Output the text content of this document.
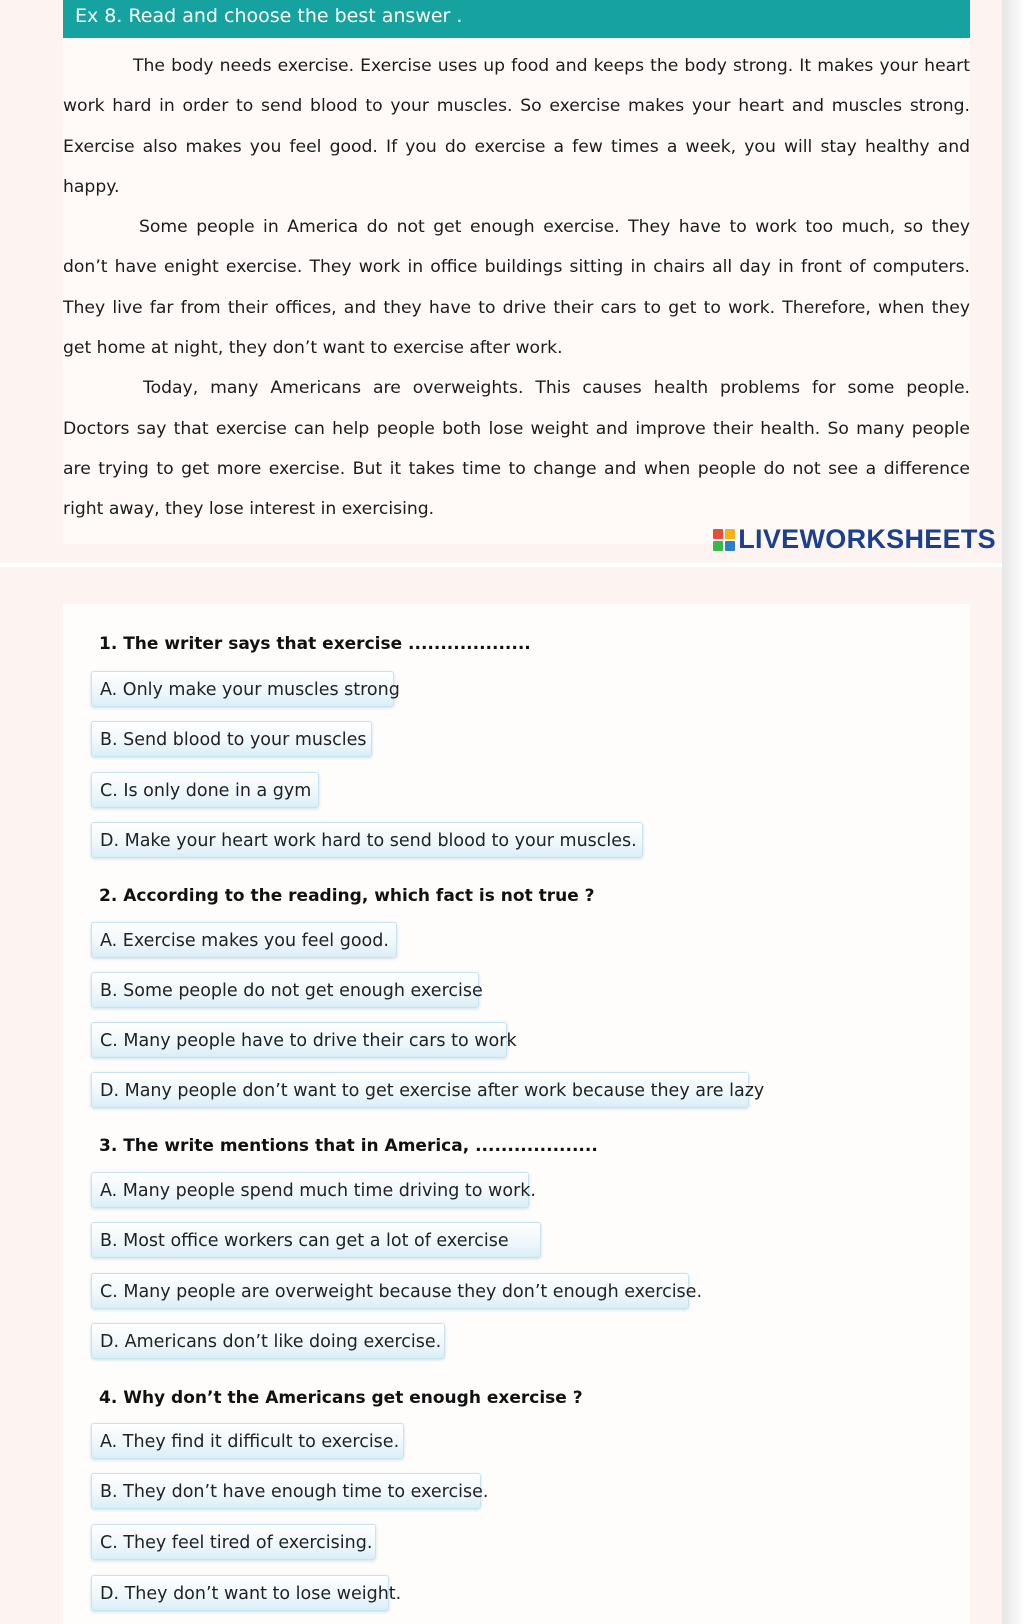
Ex 8. Read and choose the best answer .

The body needs exercise. Exercise uses up food and keeps the body strong. It makes your heart work hard in order to send blood to your muscles. So exercise makes your heart and muscles strong. Exercise also makes you feel good. If you do exercise a few times a week, you will stay healthy and happy.

Some people in America do not get enough exercise. They have to work too much, so they don’t have enight exercise. They work in office buildings sitting in chairs all day in front of computers. They live far from their offices, and they have to drive their cars to get to work. Therefore, when they get home at night, they don’t want to exercise after work.

Today, many Americans are overweights. This causes health problems for some people. Doctors say that exercise can help people both lose weight and improve their health. So many people are trying to get more exercise. But it takes time to change and when people do not see a difference right away, they lose interest in exercising.

LIVEWORKSHEETS
1. The writer says that exercise ...................
A. Only make your muscles strong
B. Send blood to your muscles
C. Is only done in a gym
D. Make your heart work hard to send blood to your muscles.
2. According to the reading, which fact is not true ?
A. Exercise makes you feel good.
B. Some people do not get enough exercise
C. Many people have to drive their cars to work
D. Many people don’t want to get exercise after work because they are lazy
3. The write mentions that in America, ...................
A. Many people spend much time driving to work.
B. Most office workers can get a lot of exercise
C. Many people are overweight because they don’t enough exercise.
D. Americans don’t like doing exercise.
4. Why don’t the Americans get enough exercise ?
A. They find it difficult to exercise.
B. They don’t have enough time to exercise.
C. They feel tired of exercising.
D. They don’t want to lose weight.
